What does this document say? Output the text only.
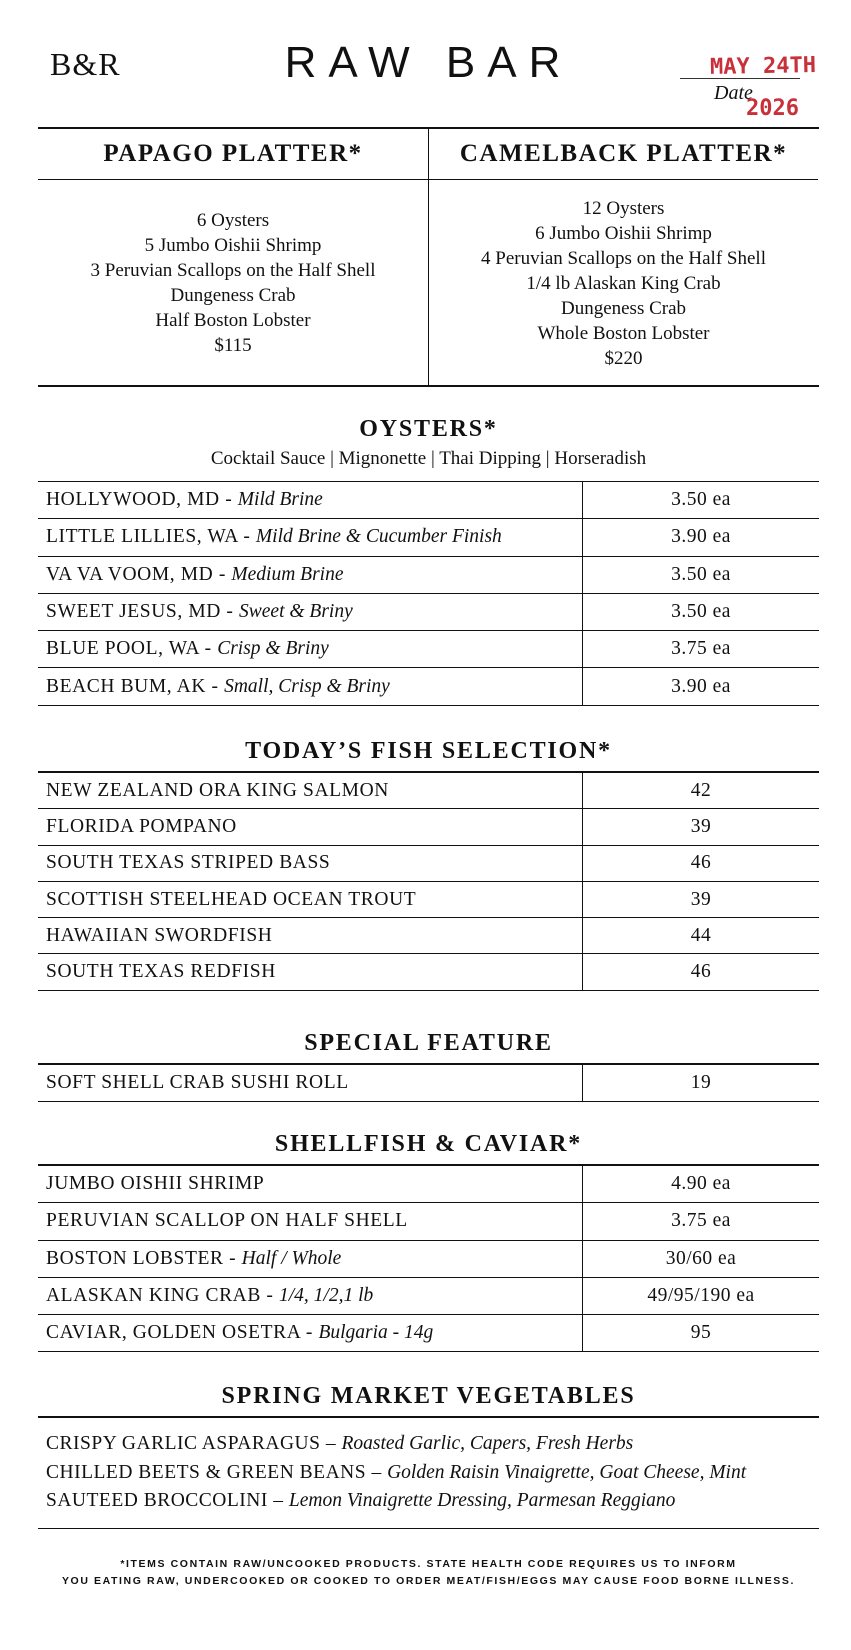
B&R	RAW BAR	MAY 24TH
Date
2026
PAPAGO PLATTER*
6 Oysters
5 Jumbo Oishii Shrimp
3 Peruvian Scallops on the Half Shell
Dungeness Crab
Half Boston Lobster
$115
CAMELBACK PLATTER*
12 Oysters
6 Jumbo Oishii Shrimp
4 Peruvian Scallops on the Half Shell
1/4 lb Alaskan King Crab
Dungeness Crab
Whole Boston Lobster
$220
OYSTERS*
Cocktail Sauce | Mignonette | Thai Dipping | Horseradish
HOLLYWOOD, MD - Mild Brine	3.50 ea
LITTLE LILLIES, WA - Mild Brine & Cucumber Finish	3.90 ea
VA VA VOOM, MD - Medium Brine	3.50 ea
SWEET JESUS, MD - Sweet & Briny	3.50 ea
BLUE POOL, WA - Crisp & Briny	3.75 ea
BEACH BUM, AK - Small, Crisp & Briny	3.90 ea
TODAY’S FISH SELECTION*
NEW ZEALAND ORA KING SALMON	42
FLORIDA POMPANO	39
SOUTH TEXAS STRIPED BASS	46
SCOTTISH STEELHEAD OCEAN TROUT	39
HAWAIIAN SWORDFISH	44
SOUTH TEXAS REDFISH	46
SPECIAL FEATURE
SOFT SHELL CRAB SUSHI ROLL	19
SHELLFISH & CAVIAR*
JUMBO OISHII SHRIMP	4.90 ea
PERUVIAN SCALLOP ON HALF SHELL	3.75 ea
BOSTON LOBSTER - Half / Whole	30/60 ea
ALASKAN KING CRAB - 1/4, 1/2,1 lb	49/95/190 ea
CAVIAR, GOLDEN OSETRA - Bulgaria - 14g	95
SPRING MARKET VEGETABLES
CRISPY GARLIC ASPARAGUS – Roasted Garlic, Capers, Fresh Herbs
CHILLED BEETS & GREEN BEANS – Golden Raisin Vinaigrette, Goat Cheese, Mint
SAUTEED BROCCOLINI – Lemon Vinaigrette Dressing, Parmesan Reggiano
*ITEMS CONTAIN RAW/UNCOOKED PRODUCTS. STATE HEALTH CODE REQUIRES US TO INFORM
YOU EATING RAW, UNDERCOOKED OR COOKED TO ORDER MEAT/FISH/EGGS MAY CAUSE FOOD BORNE ILLNESS.
